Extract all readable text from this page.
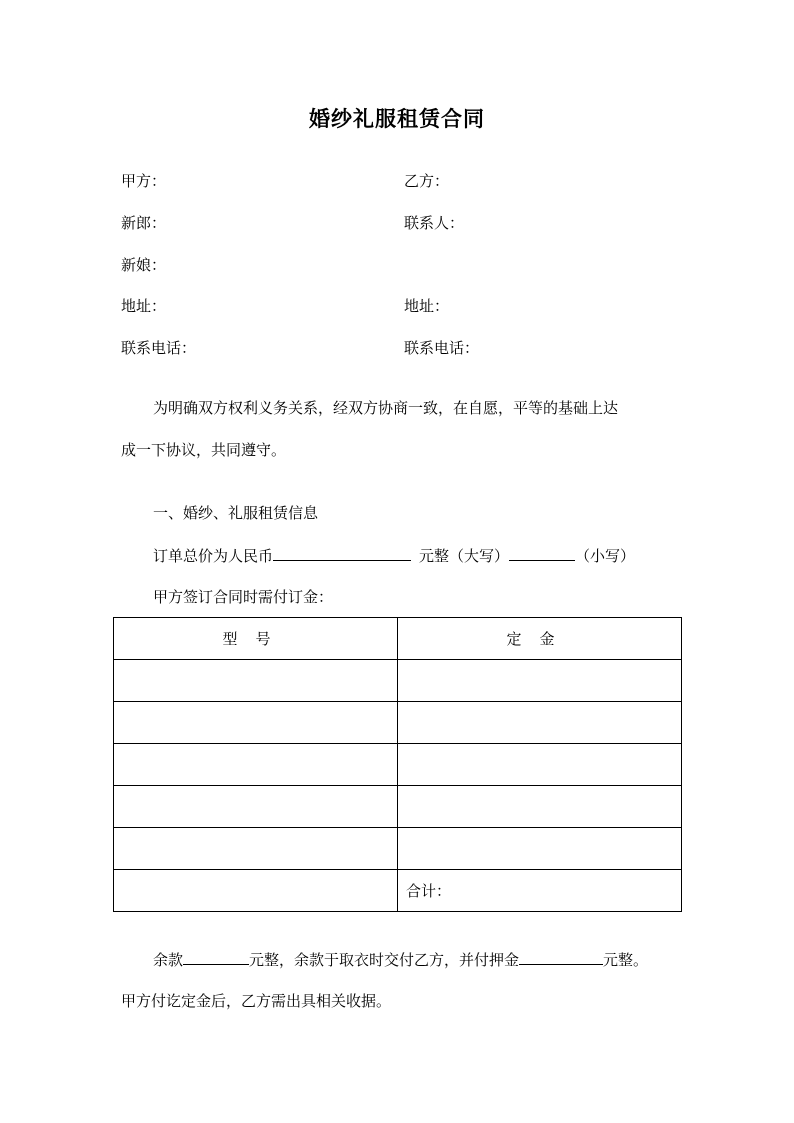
婚纱礼服租赁合同
甲方：	乙方：
新郎：	联系人：
新娘：
地址：	地址：
联系电话：	联系电话：
为明确双方权利义务关系，经双方协商一致，在自愿，平等的基础上达
成一下协议，共同遵守。
一、婚纱、礼服租赁信息
订单总价为人民币	元整（大写）	（小写）
甲方签订合同时需付订金：
型号	定金

	合计：
余款	元整，余款于取衣时交付乙方，并付押金	元整。
甲方付讫定金后，乙方需出具相关收据。
